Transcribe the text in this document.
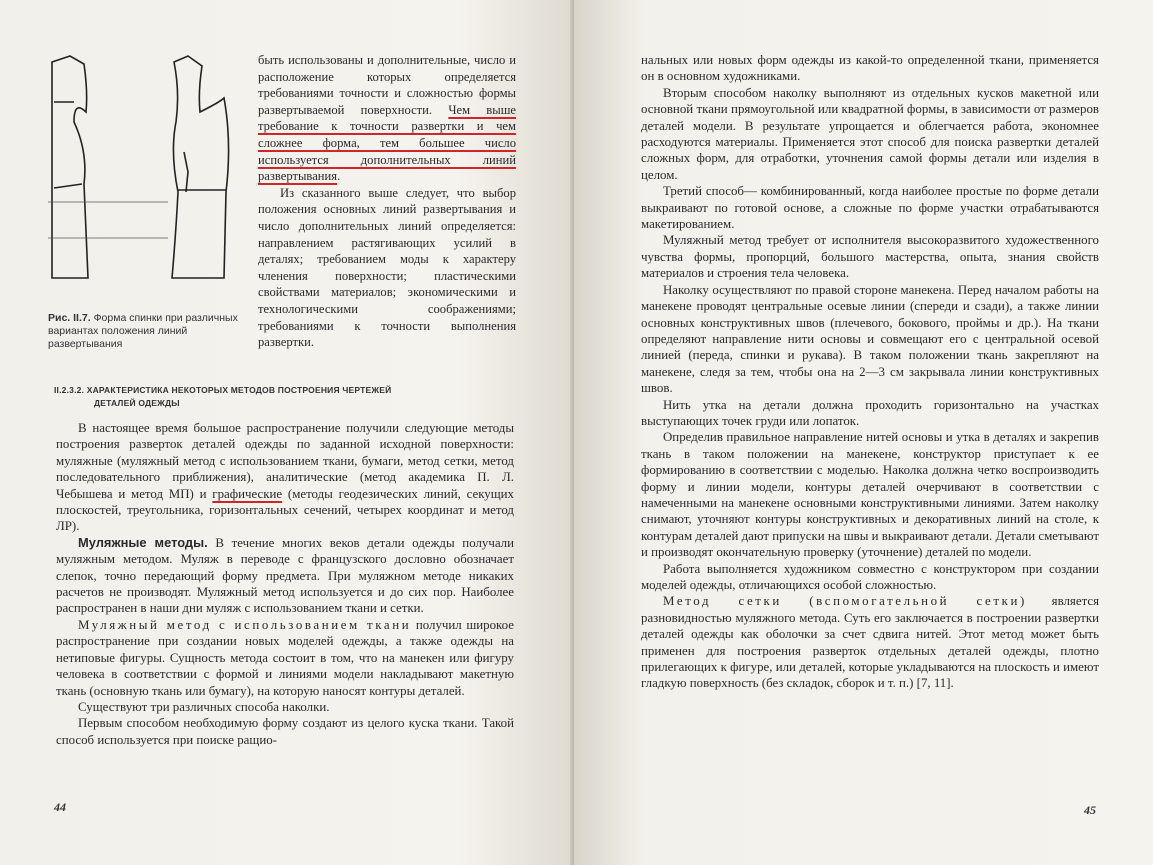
Рис. II.7. Форма спинки при различных вариантах положения линий развертывания

быть использованы и дополнительные, число и расположение которых определяется требованиями точности и сложностью формы развертываемой поверхности. Чем выше требование к точности развертки и чем сложнее форма, тем большее число используется дополнительных линий развертывания.

Из сказанного выше следует, что выбор положения основных линий развертывания и число дополнительных линий определяется: направлением растягивающих усилий в деталях; требованием моды к характеру членения поверхности; пластическими свойствами материалов; экономическими и технологическими соображениями; требованиями к точности выполнения развертки.

II.2.3.2. ХАРАКТЕРИСТИКА НЕКОТОРЫХ МЕТОДОВ ПОСТРОЕНИЯ ЧЕРТЕЖЕЙ
ДЕТАЛЕЙ ОДЕЖДЫ

В настоящее время большое распространение получили следующие методы построения разверток деталей одежды по заданной исходной поверхности: муляжные (муляжный метод с использованием ткани, бумаги, метод сетки, метод последовательного приближения), аналитические (метод академика П. Л. Чебышева и метод МП) и графические (методы геодезических линий, секущих плоскостей, треугольника, горизонтальных сечений, четырех координат и метод ЛР).

Муляжные методы. В течение многих веков детали одежды получали муляжным методом. Муляж в переводе с французского дословно обозначает слепок, точно передающий форму предмета. При муляжном методе никаких расчетов не производят. Муляжный метод используется и до сих пор. Наиболее распространен в наши дни муляж с использованием ткани и сетки.

Муляжный метод с использованием ткани получил широкое распространение при создании новых моделей одежды, а также одежды на нетиповые фигуры. Сущность метода состоит в том, что на манекен или фигуру человека в соответствии с формой и линиями модели накладывают макетную ткань (основную ткань или бумагу), на которую наносят контуры деталей.

Существуют три различных способа наколки.

Первым способом необходимую форму создают из целого куска ткани. Такой способ используется при поиске ращио-

44

нальных или новых форм одежды из какой-то определенной ткани, применяется он в основном художниками.

Вторым способом наколку выполняют из отдельных кусков макетной или основной ткани прямоугольной или квадратной формы, в зависимости от размеров деталей модели. В результате упрощается и облегчается работа, экономнее расходуются материалы. Применяется этот способ для поиска развертки деталей сложных форм, для отработки, уточнения самой формы детали или изделия в целом.

Третий способ— комбинированный, когда наиболее простые по форме детали выкраивают по готовой основе, а сложные по форме участки отрабатываются макетированием.

Муляжный метод требует от исполнителя высокоразвитого художественного чувства формы, пропорций, большого мастерства, опыта, знания свойств материалов и строения тела человека.

Наколку осуществляют по правой стороне манекена. Перед началом работы на манекене проводят центральные осевые линии (спереди и сзади), а также линии основных конструктивных швов (плечевого, бокового, проймы и др.). На ткани определяют направление нити основы и совмещают его с центральной осевой линией (переда, спинки и рукава). В таком положении ткань закрепляют на манекене, следя за тем, чтобы она на 2—3 см закрывала линии конструктивных швов.

Нить утка на детали должна проходить горизонтально на участках выступающих точек груди или лопаток.

Определив правильное направление нитей основы и утка в деталях и закрепив ткань в таком положении на манекене, конструктор приступает к ее формированию в соответствии с моделью. Наколка должна четко воспроизводить форму и линии модели, контуры деталей очерчивают в соответствии с намеченными на манекене основными конструктивными линиями. Затем наколку снимают, уточняют контуры конструктивных и декоративных линий на столе, к контурам деталей дают припуски на швы и выкраивают детали. Детали сметывают и производят окончательную проверку (уточнение) деталей по модели.

Работа выполняется художником совместно с конструктором при создании моделей одежды, отличающихся особой сложностью.

Метод сетки (вспомогательной сетки) является разновидностью муляжного метода. Суть его заключается в построении развертки деталей одежды как оболочки за счет сдвига нитей. Этот метод может быть применен для построения разверток отдельных деталей одежды, плотно прилегающих к фигуре, или деталей, которые укладываются на плоскость и имеют гладкую поверхность (без складок, сборок и т. п.) [7, 11].

45
